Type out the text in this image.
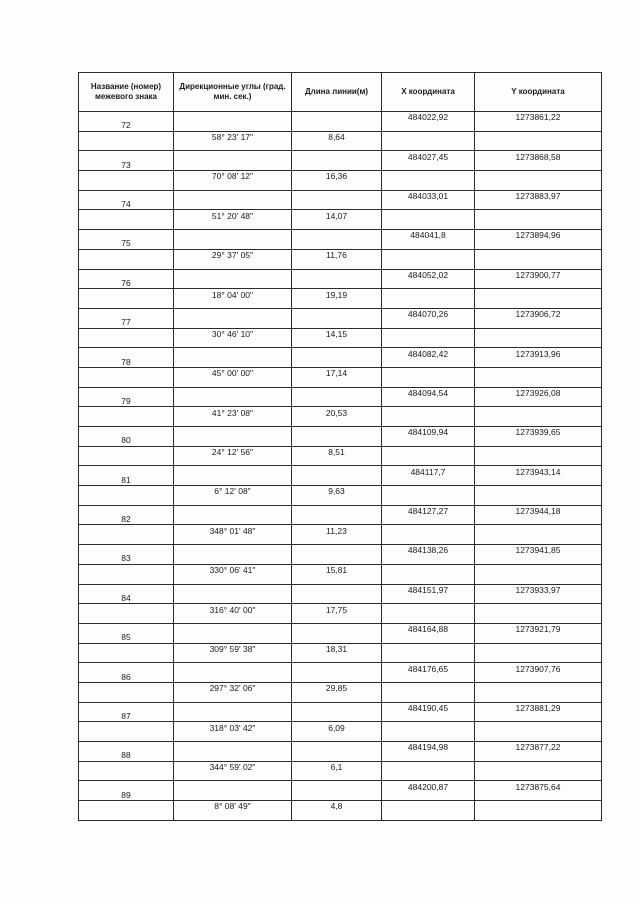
Название (номер) межевого знака	Дирекционные углы (град. мин. сек.)	Длина линии(м)	X координата	Y координата
72			484022,92	1273861,22
	58° 23' 17"	8,64		
73			484027,45	1273868,58
	70° 08' 12"	16,36		
74			484033,01	1273883,97
	51° 20' 48"	14,07		
75			484041,8	1273894,96
	29° 37' 05"	11,76		
76			484052,02	1273900,77
	18° 04' 00"	19,19		
77			484070,26	1273906,72
	30° 46' 10"	14,15		
78			484082,42	1273913,96
	45° 00' 00"	17,14		
79			484094,54	1273926,08
	41° 23' 08"	20,53		
80			484109,94	1273939,65
	24° 12' 56"	8,51		
81			484117,7	1273943,14
	6° 12' 08"	9,63		
82			484127,27	1273944,18
	348° 01' 48"	11,23		
83			484138,26	1273941,85
	330° 06' 41"	15,81		
84			484151,97	1273933,97
	316° 40' 00"	17,75		
85			484164,88	1273921,79
	309° 59' 38"	18,31		
86			484176,65	1273907,76
	297° 32' 06"	29,85		
87			484190,45	1273881,29
	318° 03' 42"	6,09		
88			484194,98	1273877,22
	344° 59' 02"	6,1		
89			484200,87	1273875,64
	8° 08' 49"	4,8		
